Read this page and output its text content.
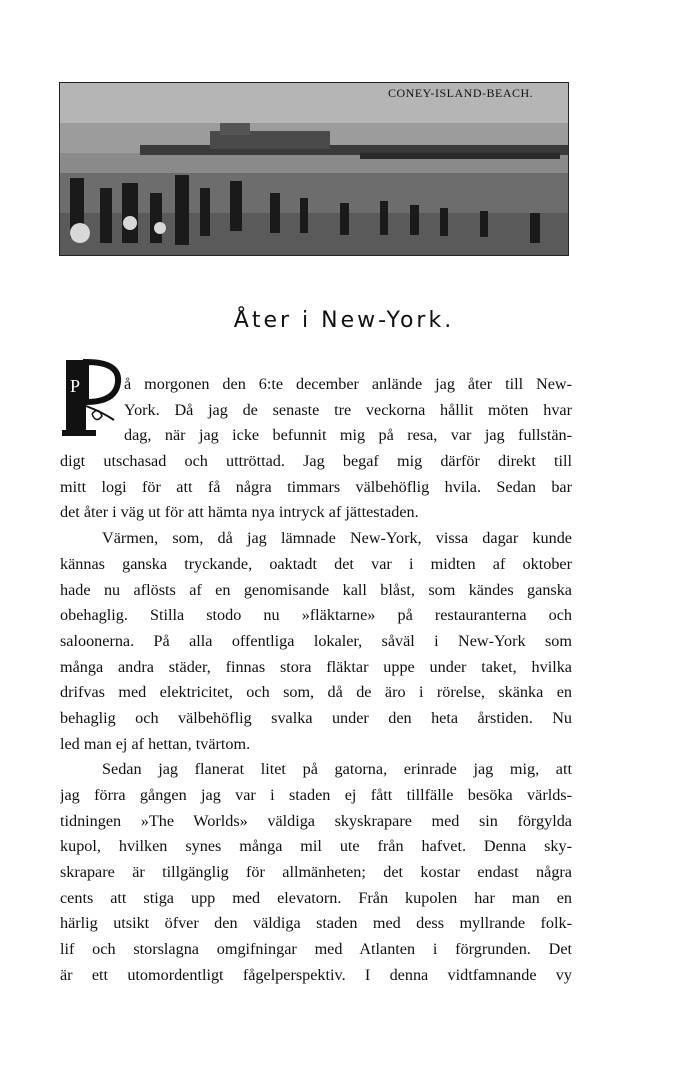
CONEY-ISLAND-BEACH.
Åter i New-York.
P	å morgonen den 6:te december anlände jag åter till New-
York. Då jag de senaste tre veckorna hållit möten hvar
dag, när jag icke befunnit mig på resa, var jag fullstän-
digt utschasad och uttröttad. Jag begaf mig därför direkt till
mitt logi för att få några timmars välbehöflig hvila. Sedan bar
det åter i väg ut för att hämta nya intryck af jättestaden.
Värmen, som, då jag lämnade New-York, vissa dagar kunde
kännas ganska tryckande, oaktadt det var i midten af oktober
hade nu aflösts af en genomisande kall blåst, som kändes ganska
obehaglig. Stilla stodo nu »fläktarne» på restauranterna och
saloonerna. På alla offentliga lokaler, såväl i New-York som
många andra städer, finnas stora fläktar uppe under taket, hvilka
drifvas med elektricitet, och som, då de äro i rörelse, skänka en
behaglig och välbehöflig svalka under den heta årstiden. Nu
led man ej af hettan, tvärtom.
Sedan jag flanerat litet på gatorna, erinrade jag mig, att
jag förra gången jag var i staden ej fått tillfälle besöka världs-
tidningen »The Worlds» väldiga skyskrapare med sin förgylda
kupol, hvilken synes många mil ute från hafvet. Denna sky-
skrapare är tillgänglig för allmänheten; det kostar endast några
cents att stiga upp med elevatorn. Från kupolen har man en
härlig utsikt öfver den väldiga staden med dess myllrande folk-
lif och storslagna omgifningar med Atlanten i förgrunden. Det
är ett utomordentligt fågelperspektiv. I denna vidtfamnande vy
